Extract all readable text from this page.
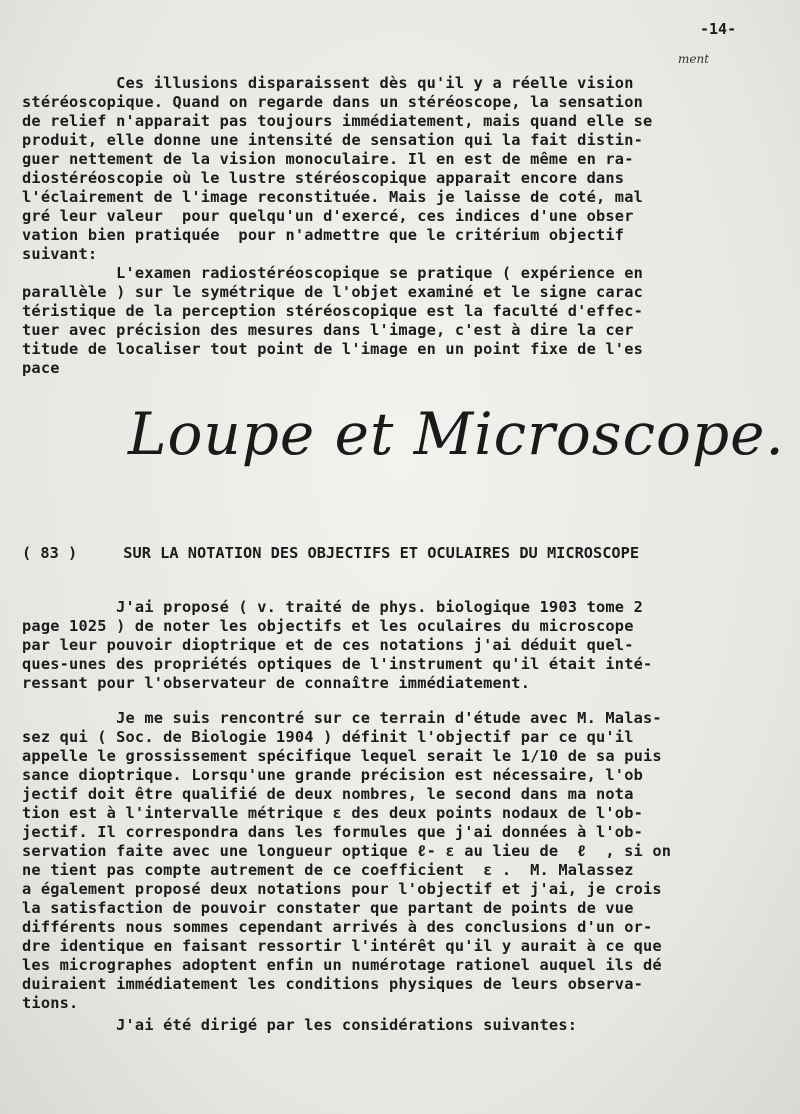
-14-
ment
Ces illusions disparaissent dès qu'il y a réelle vision
stéréoscopique. Quand on regarde dans un stéréoscope, la sensation
de relief n'apparait pas toujours immédiatement, mais quand elle se
produit, elle donne une intensité de sensation qui la fait distin-
guer nettement de la vision monoculaire. Il en est de même en ra-
diostéréoscopie où le lustre stéréoscopique apparait encore dans
l'éclairement de l'image reconstituée. Mais je laisse de coté, mal
gré leur valeur  pour quelqu'un d'exercé, ces indices d'une obser
vation bien pratiquée  pour n'admettre que le critérium objectif
suivant:
L'examen radiostéréoscopique se pratique ( expérience en
parallèle ) sur le symétrique de l'objet examiné et le signe carac
téristique de la perception stéréoscopique est la faculté d'effec-
tuer avec précision des mesures dans l'image, c'est à dire la cer
titude de localiser tout point de l'image en un point fixe de l'es
pace
Loupe et Microscope.
( 83 )     SUR LA NOTATION DES OBJECTIFS ET OCULAIRES DU MICROSCOPE
J'ai proposé ( v. traité de phys. biologique 1903 tome 2
page 1025 ) de noter les objectifs et les oculaires du microscope
par leur pouvoir dioptrique et de ces notations j'ai déduit quel-
ques-unes des propriétés optiques de l'instrument qu'il était inté-
ressant pour l'observateur de connaître immédiatement.
Je me suis rencontré sur ce terrain d'étude avec M. Malas-
sez qui ( Soc. de Biologie 1904 ) définit l'objectif par ce qu'il
appelle le grossissement spécifique lequel serait le 1/10 de sa puis
sance dioptrique. Lorsqu'une grande précision est nécessaire, l'ob
jectif doit être qualifié de deux nombres, le second dans ma nota
tion est à l'intervalle métrique ε des deux points nodaux de l'ob-
jectif. Il correspondra dans les formules que j'ai données à l'ob-
servation faite avec une longueur optique ℓ- ε au lieu de  ℓ  , si on
ne tient pas compte autrement de ce coefficient  ε .  M. Malassez
a également proposé deux notations pour l'objectif et j'ai, je crois
la satisfaction de pouvoir constater que partant de points de vue
différents nous sommes cependant arrivés à des conclusions d'un or-
dre identique en faisant ressortir l'intérêt qu'il y aurait à ce que
les micrographes adoptent enfin un numérotage rationel auquel ils dé
duiraient immédiatement les conditions physiques de leurs observa-
tions.
J'ai été dirigé par les considérations suivantes:
